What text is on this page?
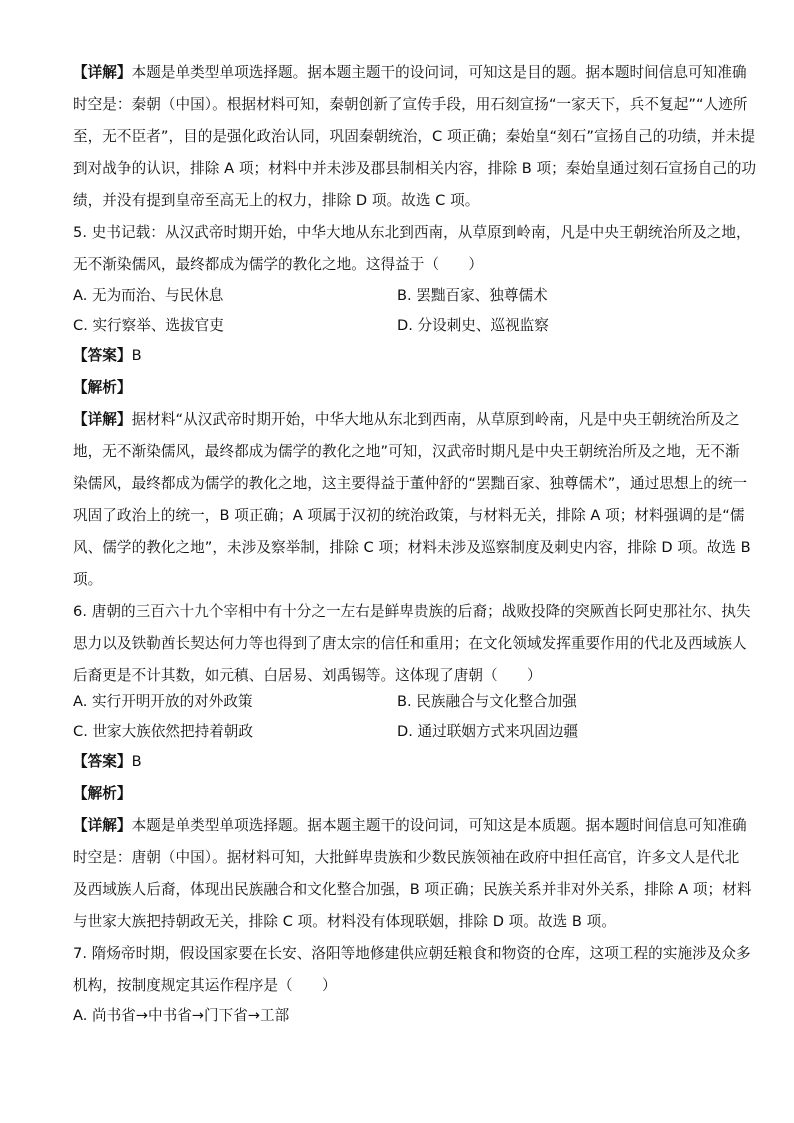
【详解】本题是单类型单项选择题。据本题主题干的设问词，可知这是目的题。据本题时间信息可知准确
时空是：秦朝（中国）。根据材料可知，秦朝创新了宣传手段，用石刻宣扬“一家天下，兵不复起”“人迹所
至，无不臣者”，目的是强化政治认同，巩固秦朝统治，C 项正确；秦始皇“刻石”宣扬自己的功绩，并未提
到对战争的认识，排除 A 项；材料中并未涉及郡县制相关内容，排除 B 项；秦始皇通过刻石宣扬自己的功
绩，并没有提到皇帝至高无上的权力，排除 D 项。故选 C 项。
5. 史书记载：从汉武帝时期开始，中华大地从东北到西南，从草原到岭南，凡是中央王朝统治所及之地，
无不渐染儒风，最终都成为儒学的教化之地。这得益于（　　）
A. 无为而治、与民休息	B. 罢黜百家、独尊儒术
C. 实行察举、选拔官吏	D. 分设刺史、巡视监察
【答案】B
【解析】
【详解】据材料“从汉武帝时期开始，中华大地从东北到西南，从草原到岭南，凡是中央王朝统治所及之
地，无不渐染儒风，最终都成为儒学的教化之地”可知，汉武帝时期凡是中央王朝统治所及之地，无不渐
染儒风，最终都成为儒学的教化之地，这主要得益于董仲舒的“罢黜百家、独尊儒术”，通过思想上的统一
巩固了政治上的统一，B 项正确；A 项属于汉初的统治政策，与材料无关，排除 A 项；材料强调的是“儒
风、儒学的教化之地”，未涉及察举制，排除 C 项；材料未涉及巡察制度及刺史内容，排除 D 项。故选 B
项。
6. 唐朝的三百六十九个宰相中有十分之一左右是鲜卑贵族的后裔；战败投降的突厥酋长阿史那社尔、执失
思力以及铁勒酋长契达何力等也得到了唐太宗的信任和重用；在文化领域发挥重要作用的代北及西域族人
后裔更是不计其数，如元稹、白居易、刘禹锡等。这体现了唐朝（　　）
A. 实行开明开放的对外政策	B. 民族融合与文化整合加强
C. 世家大族依然把持着朝政	D. 通过联姻方式来巩固边疆
【答案】B
【解析】
【详解】本题是单类型单项选择题。据本题主题干的设问词，可知这是本质题。据本题时间信息可知准确
时空是：唐朝（中国）。据材料可知，大批鲜卑贵族和少数民族领袖在政府中担任高官，许多文人是代北
及西域族人后裔，体现出民族融合和文化整合加强，B 项正确；民族关系并非对外关系，排除 A 项；材料
与世家大族把持朝政无关，排除 C 项。材料没有体现联姻，排除 D 项。故选 B 项。
7. 隋炀帝时期，假设国家要在长安、洛阳等地修建供应朝廷粮食和物资的仓库，这项工程的实施涉及众多
机构，按制度规定其运作程序是（　　）
A. 尚书省→中书省→门下省→工部
